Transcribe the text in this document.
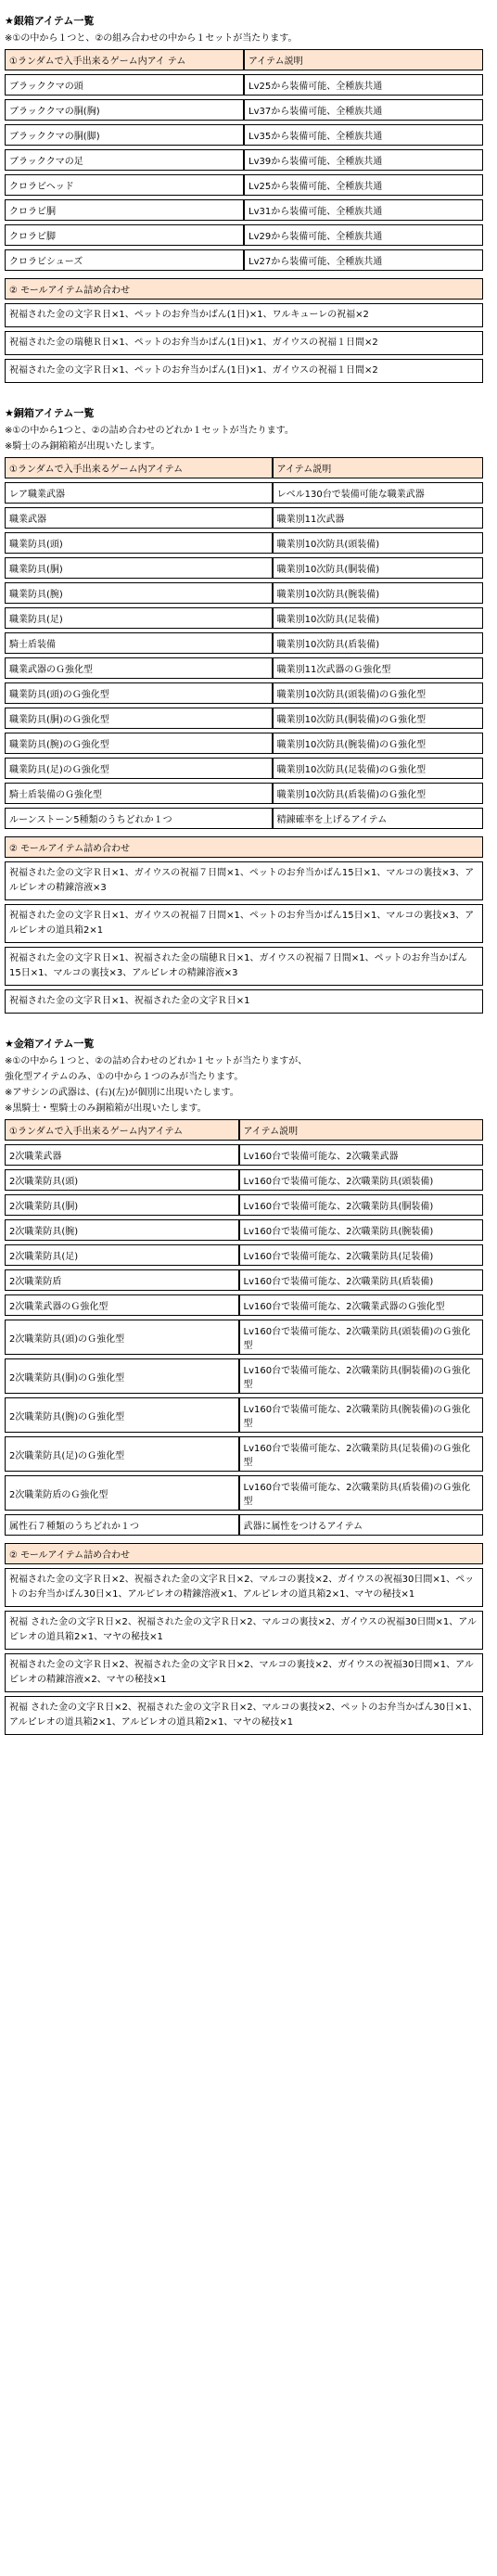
★銀箱アイテム一覧
※①の中から１つと、②の組み合わせの中から１セットが当たります。
①ランダムで入手出来るゲーム内アイ テム	アイテム説明
ブラッククマの頭	Lv25から装備可能、全種族共通
ブラッククマの胴(胸)	Lv37から装備可能、全種族共通
ブラッククマの胴(脚)	Lv35から装備可能、全種族共通
ブラッククマの足	Lv39から装備可能、全種族共通
クロラビヘッド	Lv25から装備可能、全種族共通
クロラビ胴	Lv31から装備可能、全種族共通
クロラビ脚	Lv29から装備可能、全種族共通
クロラビシューズ	Lv27から装備可能、全種族共通
② モールアイテム詰め合わせ
祝福された金の文字Ｒ日×1、ペットのお弁当かばん(1日)×1、ワルキューレの祝福×2
祝福された金の瑞穂Ｒ日×1、ペットのお弁当かばん(1日)×1、ガイウスの祝福１日間×2
祝福された金の文字Ｒ日×1、ペットのお弁当かばん(1日)×1、ガイウスの祝福１日間×2
★銅箱アイテム一覧
※①の中から1つと、②の詰め合わせのどれか１セットが当たります。
※騎士のみ銅箱箱が出現いたします。
①ランダムで入手出来るゲーム内アイテム	アイテム説明
レア職業武器	レベル130台で装備可能な職業武器
職業武器	職業別11次武器
職業防具(頭)	職業別10次防具(頭装備)
職業防具(胴)	職業別10次防具(胴装備)
職業防具(腕)	職業別10次防具(腕装備)
職業防具(足)	職業別10次防具(足装備)
騎士盾装備	職業別10次防具(盾装備)
職業武器のＧ強化型	職業別11次武器のＧ強化型
職業防具(頭)のＧ強化型	職業別10次防具(頭装備)のＧ強化型
職業防具(胴)のＧ強化型	職業別10次防具(胴装備)のＧ強化型
職業防具(腕)のＧ強化型	職業別10次防具(腕装備)のＧ強化型
職業防具(足)のＧ強化型	職業別10次防具(足装備)のＧ強化型
騎士盾装備のＧ強化型	職業別10次防具(盾装備)のＧ強化型
ルーンストーン5種類のうちどれか１つ	精錬確率を上げるアイテム
② モールアイテム詰め合わせ
祝福された金の文字Ｒ日×1、ガイウスの祝福７日間×1、ペットのお弁当かばん15日×1、マルコの裏技×3、アルピレオの精錬溶液×3
祝福された金の文字Ｒ日×1、ガイウスの祝福７日間×1、ペットのお弁当かばん15日×1、マルコの裏技×3、アルピレオの道具箱2×1
祝福された金の文字Ｒ日×1、祝福された金の瑞穂Ｒ日×1、ガイウスの祝福７日間×1、ペットのお弁当かばん15日×1、マルコの裏技×3、アルピレオの精錬溶液×3
祝福された金の文字Ｒ日×1、祝福された金の文字Ｒ日×1
★金箱アイテム一覧
※①の中から１つと、②の詰め合わせのどれか１セットが当たりますが、
強化型アイテムのみ、①の中から１つのみが当たります。
※アサシンの武器は、(右)(左)が個別に出現いたします。
※黒騎士・聖騎士のみ銅箱箱が出現いたします。
①ランダムで入手出来るゲーム内アイテム	アイテム説明
2次職業武器	Lv160台で装備可能な、2次職業武器
2次職業防具(頭)	Lv160台で装備可能な、2次職業防具(頭装備)
2次職業防具(胴)	Lv160台で装備可能な、2次職業防具(胴装備)
2次職業防具(腕)	Lv160台で装備可能な、2次職業防具(腕装備)
2次職業防具(足)	Lv160台で装備可能な、2次職業防具(足装備)
2次職業防盾	Lv160台で装備可能な、2次職業防具(盾装備)
2次職業武器のＧ強化型	Lv160台で装備可能な、2次職業武器のＧ強化型
2次職業防具(頭)のＧ強化型	Lv160台で装備可能な、2次職業防具(頭装備)のＧ強化型
2次職業防具(胴)のＧ強化型	Lv160台で装備可能な、2次職業防具(胴装備)のＧ強化型
2次職業防具(腕)のＧ強化型	Lv160台で装備可能な、2次職業防具(腕装備)のＧ強化型
2次職業防具(足)のＧ強化型	Lv160台で装備可能な、2次職業防具(足装備)のＧ強化型
2次職業防盾のＧ強化型	Lv160台で装備可能な、2次職業防具(盾装備)のＧ強化型
属性石７種類のうちどれか１つ	武器に属性をつけるアイテム
② モールアイテム詰め合わせ
祝福された金の文字Ｒ日×2、祝福された金の文字Ｒ日×2、マルコの裏技×2、ガイウスの祝福30日間×1、ペットのお弁当かばん30日×1、アルピレオの精錬溶液×1、アルピレオの道具箱2×1、マヤの秘技×1
祝福 された金の文字Ｒ日×2、祝福された金の文字Ｒ日×2、マルコの裏技×2、ガイウスの祝福30日間×1、アルピレオの道具箱2×1、マヤの秘技×1
祝福された金の文字Ｒ日×2、祝福された金の文字Ｒ日×2、マルコの裏技×2、ガイウスの祝福30日間×1、アルピレオの精錬溶液×2、マヤの秘技×1
祝福 された金の文字Ｒ日×2、祝福された金の文字Ｒ日×2、マルコの裏技×2、ペットのお弁当かばん30日×1、アルピレオの道具箱2×1、アルピレオの道具箱2×1、マヤの秘技×1
